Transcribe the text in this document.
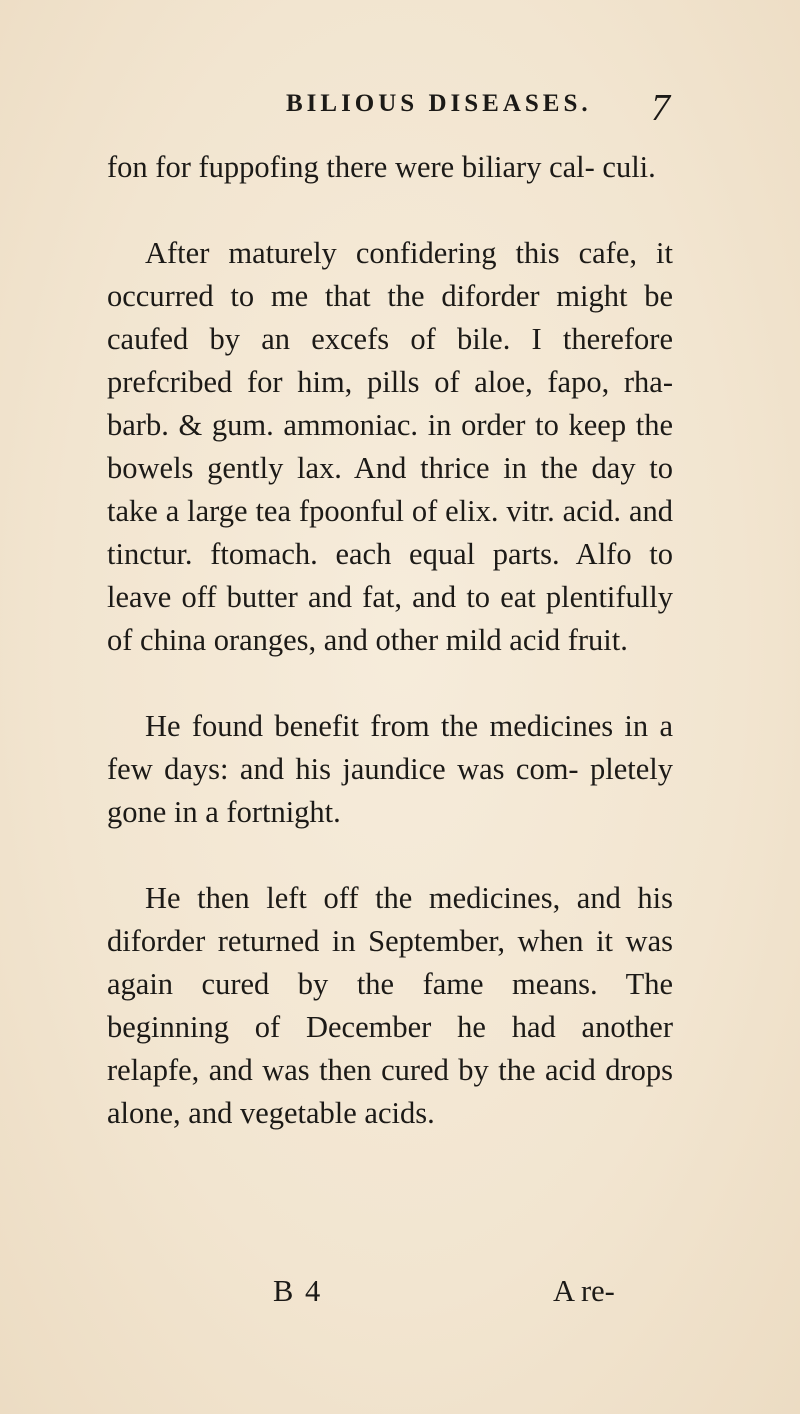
BILIOUS DISEASES. 7

fon for fuppofing there were biliary cal- culi.

After maturely confidering this cafe, it occurred to me that the diforder might be caufed by an excefs of bile. I therefore prefcribed for him, pills of aloe, fapo, rha- barb. & gum. ammoniac. in order to keep the bowels gently lax. And thrice in the day to take a large tea fpoonful of elix. vitr. acid. and tinctur. ftomach. each equal parts. Alfo to leave off butter and fat, and to eat plentifully of china oranges, and other mild acid fruit.

He found benefit from the medicines in a few days: and his jaundice was com- pletely gone in a fortnight.

He then left off the medicines, and his diforder returned in September, when it was again cured by the fame means. The beginning of December he had another relapfe, and was then cured by the acid drops alone, and vegetable acids.

B 4	A re-
